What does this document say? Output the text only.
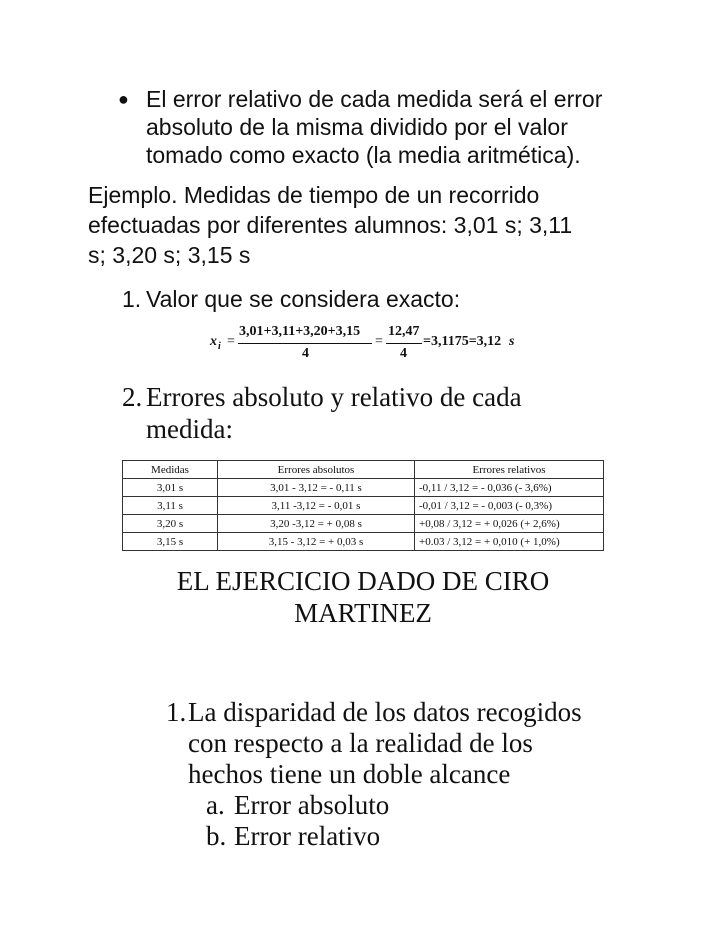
● El error relativo de cada medida será el error
absoluto de la misma dividido por el valor
tomado como exacto (la media aritmética).
Ejemplo. Medidas de tiempo de un recorrido
efectuadas por diferentes alumnos: 3,01 s; 3,11
s; 3,20 s; 3,15 s
1. Valor que se considera exacto:
x i =
3,01+3,11+3,20+3,15
4
=
12,47
4
=3,1175=3,12 s
2. Errores absoluto y relativo de cada
medida:
Medidas	Errores absolutos	Errores relativos
3,01 s	3,01 - 3,12 = - 0,11 s	-0,11 / 3,12 = - 0,036 (- 3,6%)
3,11 s	3,11 -3,12 = - 0,01 s	-0,01 / 3,12 = - 0,003 (- 0,3%)
3,20 s	3,20 -3,12 = + 0,08 s	+0,08 / 3,12 = + 0,026 (+ 2,6%)
3,15 s	3,15 - 3,12 = + 0,03 s	+0.03 / 3,12 = + 0,010 (+ 1,0%)
EL EJERCICIO DADO DE CIRO
MARTINEZ
1.La disparidad de los datos recogidos
con respecto a la realidad de los
hechos tiene un doble alcance
a. Error absoluto
b. Error relativo
